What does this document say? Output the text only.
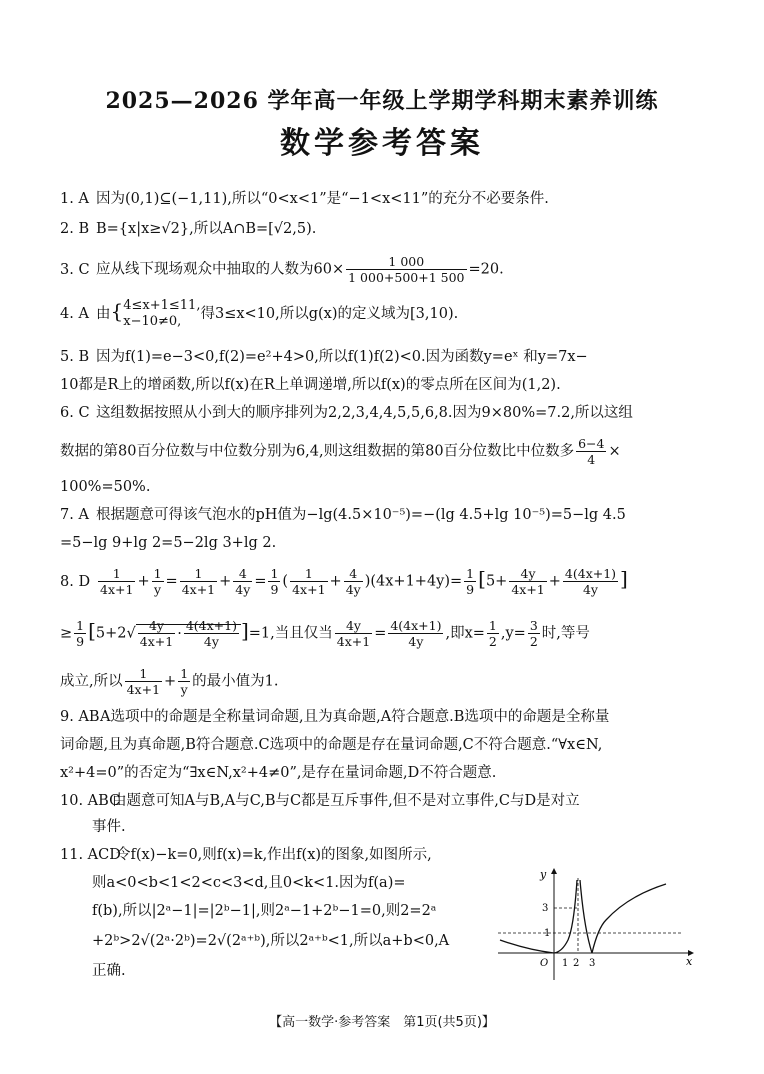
2025—2026 学年高一年级上学期学科期末素养训练
数学参考答案
1. A 因为(0,1)⊆(−1,11),所以“0<x<1”是“−1<x<11”的充分不必要条件.
2. B B={x|x≥√2},所以A∩B=[√2,5).
3. C 应从线下现场观众中抽取的人数为$60\times \frac{1 000}{1 000+500+1 500} =20$.
4. A 由{ 4≤x+1≤11,
x−10≠0,	得3≤x<10,所以g(x)的定义域为[3,10).
5. B 因为f(1)=e−3<0,f(2)=e²+4>0,所以f(1)f(2)<0.因为函数y=eˣ 和y=7x−
10都是R上的增函数,所以f(x)在R上单调递增,所以f(x)的零点所在区间为(1,2).
6. C 这组数据按照从小到大的顺序排列为2,2,3,4,4,5,5,6,8.因为9×80%=7.2,所以这组
数据的第80百分位数与中位数分别为6,4,则这组数据的第80百分位数比中位数多 $\frac{6-4}{4}$ ×
100%=50%.
7. A 根据题意可得该气泡水的pH值为−lg(4.5×10⁻⁵)=−(lg 4.5+lg 10⁻⁵)=5−lg 4.5
=5−lg 9+lg 2=5−2lg 3+lg 2.
8. D $\frac{1}{4x+1} + \frac{1}{y} = \frac{1}{4x+1} + \frac{4}{4y} = \frac{1}{9}$ ( $\frac{1}{4x+1} + \frac{4}{4y} )(4x+1+4y)= \frac{1}{9} [5+ \frac{4y}{4x+1} + \frac{4(4x+1)}{4y}$ ]
≥ $\frac{1}{9} [5+2√ \frac{4y}{4x+1} \cdot \frac{4(4x+1)}{4y} ]=1$,当且仅当 $\frac{4y}{4x+1} = \frac{4(4x+1)}{4y}$ ,即$x= \frac{1}{2} ,y= \frac{3}{2}$ 时,等号
成立,所以 $\frac{1}{4x+1} + \frac{1}{y}$ 的最小值为1.
9. ABA选项中的命题是全称量词命题,且为真命题,A符合题意.B选项中的命题是全称量
词命题,且为真命题,B符合题意.C选项中的命题是存在量词命题,C不符合题意.“∀x∈N,
x²+4=0”的否定为“∃x∈N,x²+4≠0”,是存在量词命题,D不符合题意.
10. ABC由题意可知A与B,A与C,B与C都是互斥事件,但不是对立事件,C与D是对立
事件.
11. ACD令f(x)−k=0,则f(x)=k,作出f(x)的图象,如图所示,
则a<0<b<1<2<c<3<d,且0<k<1.因为f(a)=
f(b),所以|2ᵃ−1|=|2ᵇ−1|,则2ᵃ−1+2ᵇ−1=0,则2=2ᵃ
+2ᵇ>2√(2ᵃ·2ᵇ)=2√(2ᵃ⁺ᵇ),所以2ᵃ⁺ᵇ<1,所以a+b<0,A
正确.
y
x
O 1 2 3
1
3
【高一数学·参考答案　第1页(共5页)】
